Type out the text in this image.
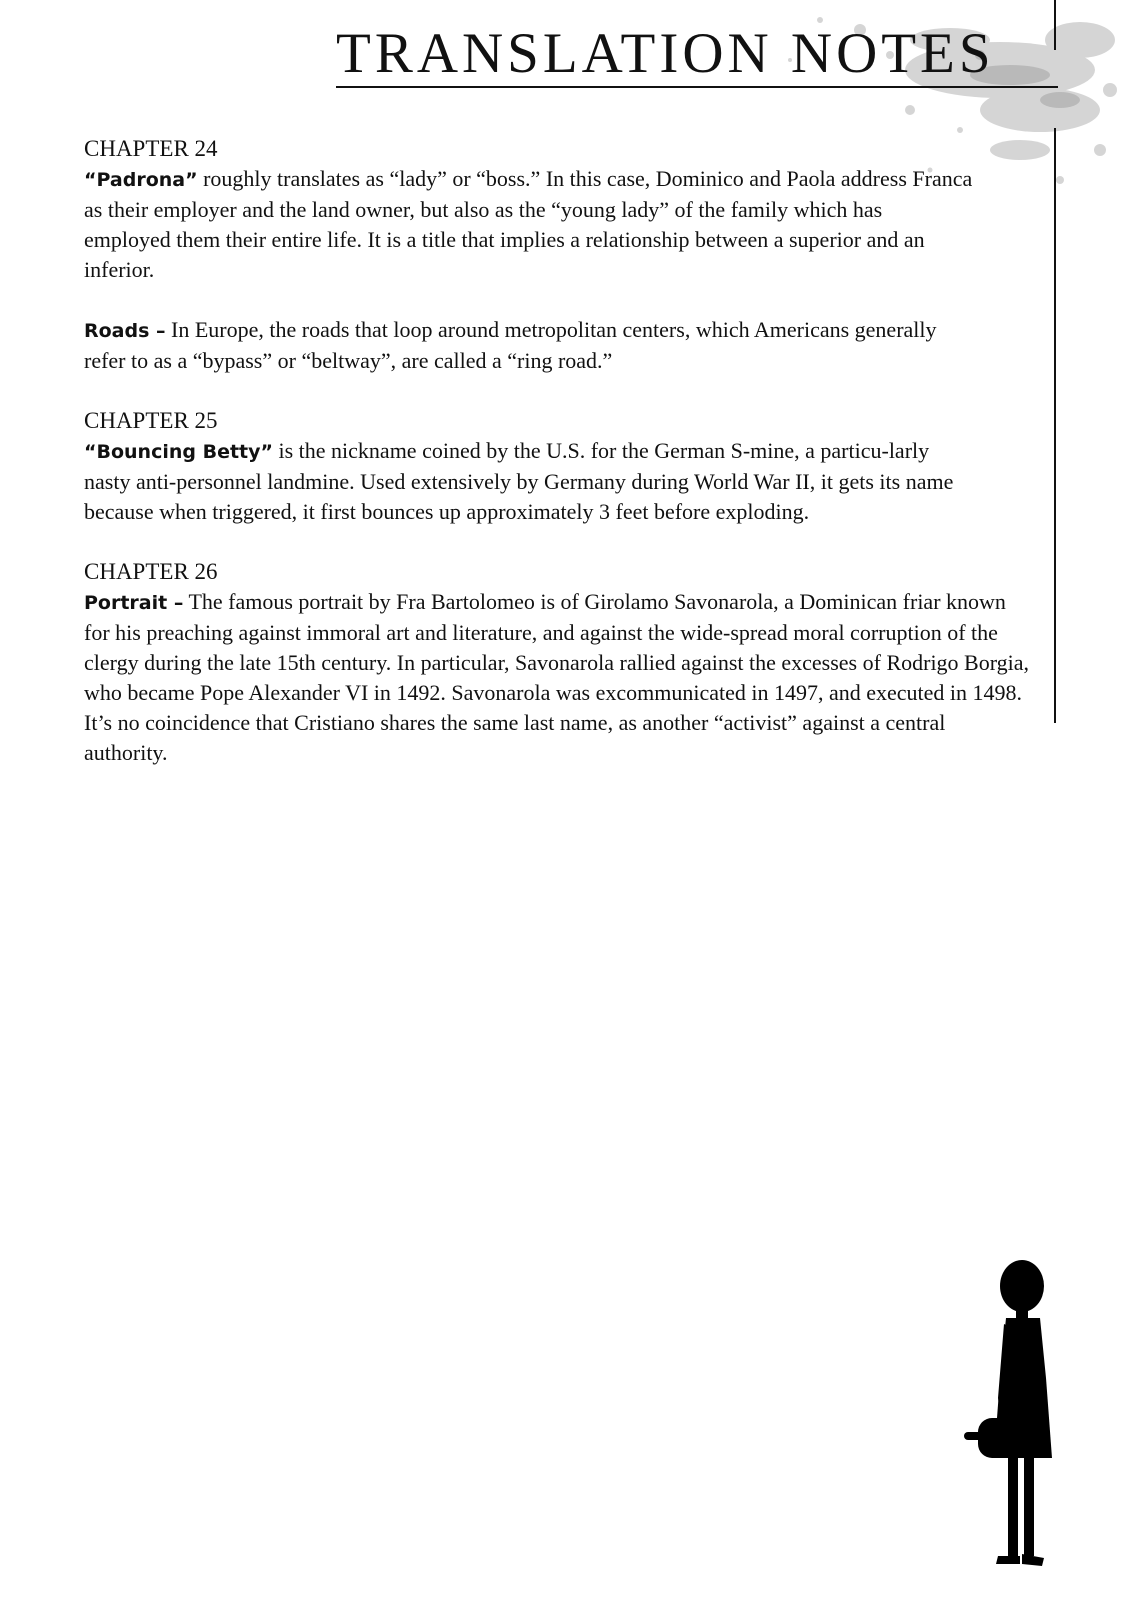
TRANSLATION NOTES
CHAPTER 24

“Padrona” roughly translates as “lady” or “boss.” In this case, Dominico and Paola address Franca as their employer and the land owner, but also as the “young lady” of the family which has employed them their entire life. It is a title that implies a relationship between a superior and an inferior.

Roads – In Europe, the roads that loop around metropolitan centers, which Americans generally refer to as a “bypass” or “beltway”, are called a “ring road.”

CHAPTER 25

“Bouncing Betty” is the nickname coined by the U.S. for the German S-mine, a particu-larly nasty anti-personnel landmine. Used extensively by Germany during World War II, it gets its name because when triggered, it first bounces up approximately 3 feet before exploding.

CHAPTER 26

Portrait – The famous portrait by Fra Bartolomeo is of Girolamo Savonarola, a Dominican friar known for his preaching against immoral art and literature, and against the wide-spread moral corruption of the clergy during the late 15th century. In particular, Savonarola rallied against the excesses of Rodrigo Borgia, who became Pope Alexander VI in 1492. Savonarola was excommunicated in 1497, and executed in 1498. It’s no coincidence that Cristiano shares the same last name, as another “activist” against a central authority.
